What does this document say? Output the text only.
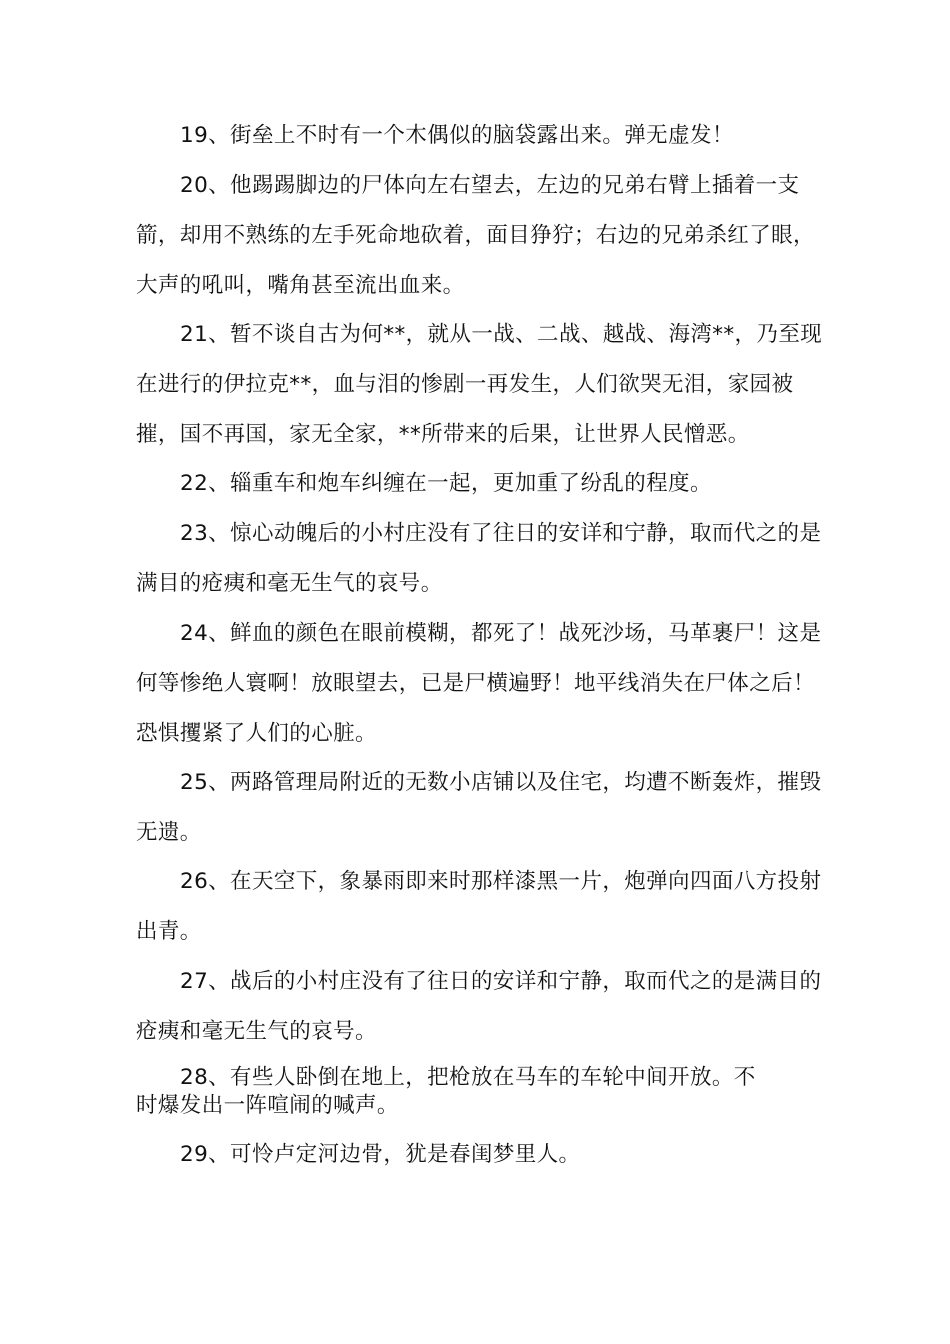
19、街垒上不时有一个木偶似的脑袋露出来。弹无虚发！

20、他踢踢脚边的尸体向左右望去，左边的兄弟右臂上插着一支箭，却用不熟练的左手死命地砍着，面目狰狞；右边的兄弟杀红了眼，大声的吼叫，嘴角甚至流出血来。

21、暂不谈自古为何**，就从一战、二战、越战、海湾**，乃至现在进行的伊拉克**，血与泪的惨剧一再发生，人们欲哭无泪，家园被摧，国不再国，家无全家，**所带来的后果，让世界人民憎恶。

22、辎重车和炮车纠缠在一起，更加重了纷乱的程度。

23、惊心动魄后的小村庄没有了往日的安详和宁静，取而代之的是满目的疮痍和毫无生气的哀号。

24、鲜血的颜色在眼前模糊，都死了！战死沙场，马革裹尸！这是何等惨绝人寰啊！放眼望去，已是尸横遍野！地平线消失在尸体之后！恐惧攫紧了人们的心脏。

25、两路管理局附近的无数小店铺以及住宅，均遭不断轰炸，摧毁无遗。

26、在天空下，象暴雨即来时那样漆黑一片，炮弹向四面八方投射出青。

27、战后的小村庄没有了往日的安详和宁静，取而代之的是满目的疮痍和毫无生气的哀号。

28、有些人卧倒在地上，把枪放在马车的车轮中间开放。不时爆发出一阵喧闹的喊声。

29、可怜卢定河边骨，犹是春闺梦里人。
